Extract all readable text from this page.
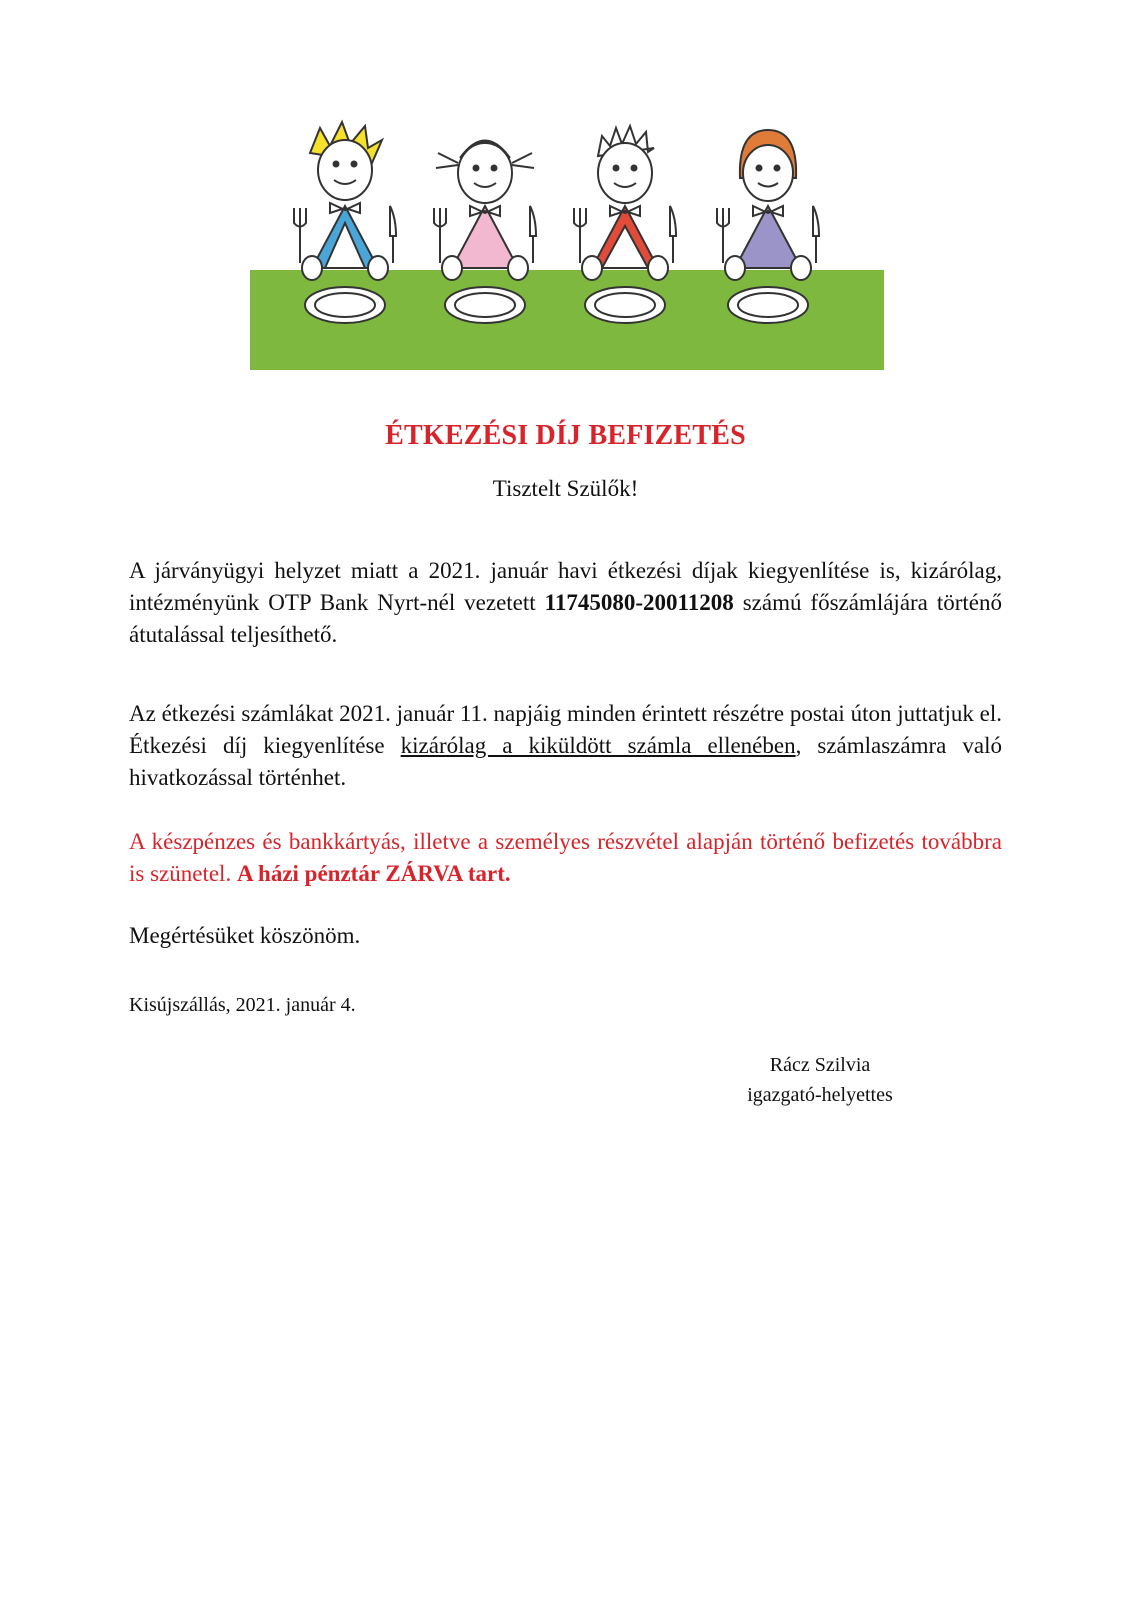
ÉTKEZÉSI DÍJ BEFIZETÉS

Tisztelt Szülők!

A járványügyi helyzet miatt a 2021. január havi étkezési díjak kiegyenlítése is, kizárólag, intézményünk OTP Bank Nyrt-nél vezetett 11745080-20011208 számú főszámlájára történő átutalással teljesíthető.

Az étkezési számlákat 2021. január 11. napjáig minden érintett részétre postai úton juttatjuk el. Étkezési díj kiegyenlítése kizárólag a kiküldött számla ellenében, számlaszámra való hivatkozással történhet.

A készpénzes és bankkártyás, illetve a személyes részvétel alapján történő befizetés továbbra is szünetel. A házi pénztár ZÁRVA tart.

Megértésüket köszönöm.

Kisújszállás, 2021. január 4.

Rácz Szilvia

igazgató-helyettes
